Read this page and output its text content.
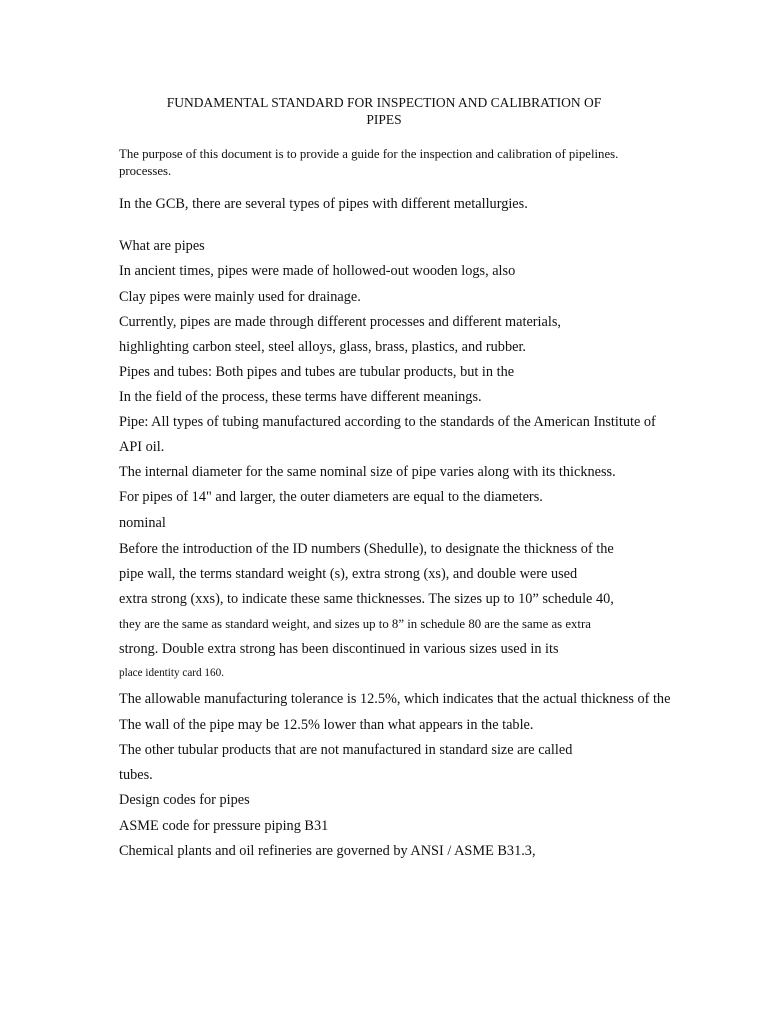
FUNDAMENTAL STANDARD FOR INSPECTION AND CALIBRATION OF
PIPES

The purpose of this document is to provide a guide for the inspection and calibration of pipelines.

processes.

In the GCB, there are several types of pipes with different metallurgies.

What are pipes

In ancient times, pipes were made of hollowed-out wooden logs, also

Clay pipes were mainly used for drainage.

Currently, pipes are made through different processes and different materials,

highlighting carbon steel, steel alloys, glass, brass, plastics, and rubber.

Pipes and tubes: Both pipes and tubes are tubular products, but in the

In the field of the process, these terms have different meanings.

Pipe: All types of tubing manufactured according to the standards of the American Institute of

API oil.

The internal diameter for the same nominal size of pipe varies along with its thickness.

For pipes of 14" and larger, the outer diameters are equal to the diameters.

nominal

Before the introduction of the ID numbers (Shedulle), to designate the thickness of the

pipe wall, the terms standard weight (s), extra strong (xs), and double were used

extra strong (xxs), to indicate these same thicknesses. The sizes up to 10” schedule 40,

they are the same as standard weight, and sizes up to 8” in schedule 80 are the same as extra

strong. Double extra strong has been discontinued in various sizes used in its

place identity card 160.

The allowable manufacturing tolerance is 12.5%, which indicates that the actual thickness of the

The wall of the pipe may be 12.5% lower than what appears in the table.

The other tubular products that are not manufactured in standard size are called

tubes.

Design codes for pipes

ASME code for pressure piping B31

Chemical plants and oil refineries are governed by ANSI / ASME B31.3,
